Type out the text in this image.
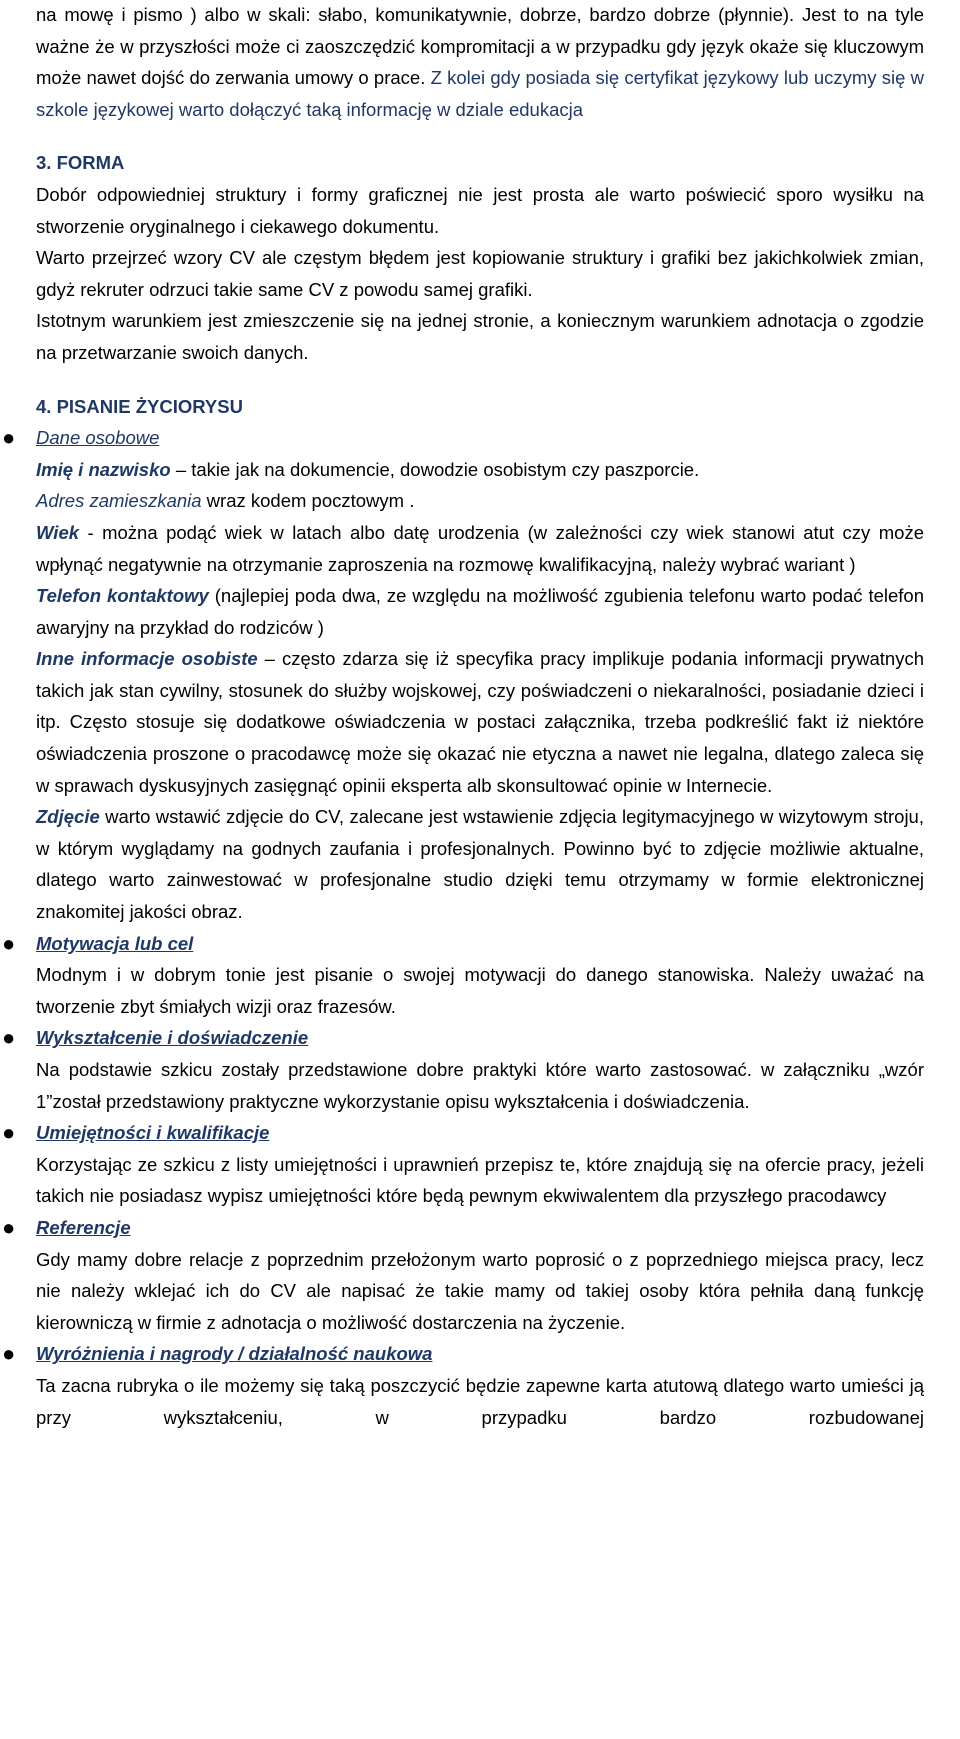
na mowę i pismo ) albo w skali: słabo, komunikatywnie, dobrze, bardzo dobrze (płynnie). Jest to na tyle ważne że w przyszłości może ci zaoszczędzić kompromitacji a w przypadku gdy język okaże się kluczowym może nawet dojść do zerwania umowy o prace. Z kolei gdy posiada się certyfikat językowy lub uczymy się w szkole językowej warto dołączyć taką informację w dziale edukacja

3. FORMA

Dobór odpowiedniej struktury i formy graficznej nie jest prosta ale warto poświecić sporo wysiłku na stworzenie oryginalnego i ciekawego dokumentu.

Warto przejrzeć wzory CV ale częstym błędem jest kopiowanie struktury i grafiki bez jakichkolwiek zmian, gdyż rekruter odrzuci takie same CV z powodu samej grafiki.

Istotnym warunkiem jest zmieszczenie się na jednej stronie, a koniecznym warunkiem adnotacja o zgodzie na przetwarzanie swoich danych.

4. PISANIE ŻYCIORYSU

● Dane osobowe

Imię i nazwisko – takie jak na dokumencie, dowodzie osobistym czy paszporcie.

Adres zamieszkania wraz kodem pocztowym .

Wiek - można podąć wiek w latach albo datę urodzenia (w zależności czy wiek stanowi atut czy może wpłynąć negatywnie na otrzymanie zaproszenia na rozmowę kwalifikacyjną, należy wybrać wariant )

Telefon kontaktowy (najlepiej poda dwa, ze względu na możliwość zgubienia telefonu warto podać telefon awaryjny na przykład do rodziców )

Inne informacje osobiste – często zdarza się iż specyfika pracy implikuje podania informacji prywatnych takich jak stan cywilny, stosunek do służby wojskowej, czy poświadczeni o niekaralności, posiadanie dzieci i itp. Często stosuje się dodatkowe oświadczenia w postaci załącznika, trzeba podkreślić fakt iż niektóre oświadczenia proszone o pracodawcę może się okazać nie etyczna a nawet nie legalna, dlatego zaleca się w sprawach dyskusyjnych zasięgnąć opinii eksperta alb skonsultować opinie w Internecie.

Zdjęcie warto wstawić zdjęcie do CV, zalecane jest wstawienie zdjęcia legitymacyjnego w wizytowym stroju, w którym wyglądamy na godnych zaufania i profesjonalnych. Powinno być to zdjęcie możliwie aktualne, dlatego warto zainwestować w profesjonalne studio dzięki temu otrzymamy w formie elektronicznej znakomitej jakości obraz.

● Motywacja lub cel

Modnym i w dobrym tonie jest pisanie o swojej motywacji do danego stanowiska. Należy uważać na tworzenie zbyt śmiałych wizji oraz frazesów.

● Wykształcenie i doświadczenie

Na podstawie szkicu zostały przedstawione dobre praktyki które warto zastosować. w załączniku „wzór 1”został przedstawiony praktyczne wykorzystanie opisu wykształcenia i doświadczenia.

● Umiejętności i kwalifikacje

Korzystając ze szkicu z listy umiejętności i uprawnień przepisz te, które znajdują się na ofercie pracy, jeżeli takich nie posiadasz wypisz umiejętności które będą pewnym ekwiwalentem dla przyszłego pracodawcy

● Referencje

Gdy mamy dobre relacje z poprzednim przełożonym warto poprosić o z poprzedniego miejsca pracy, lecz nie należy wklejać ich do CV ale napisać że takie mamy od takiej osoby która pełniła daną funkcję kierowniczą w firmie z adnotacja o możliwość dostarczenia na życzenie.

● Wyróżnienia i nagrody / działalność naukowa

Ta zacna rubryka o ile możemy się taką poszczycić będzie zapewne karta atutową dlatego warto umieści ją przy wykształceniu, w przypadku bardzo rozbudowanej
